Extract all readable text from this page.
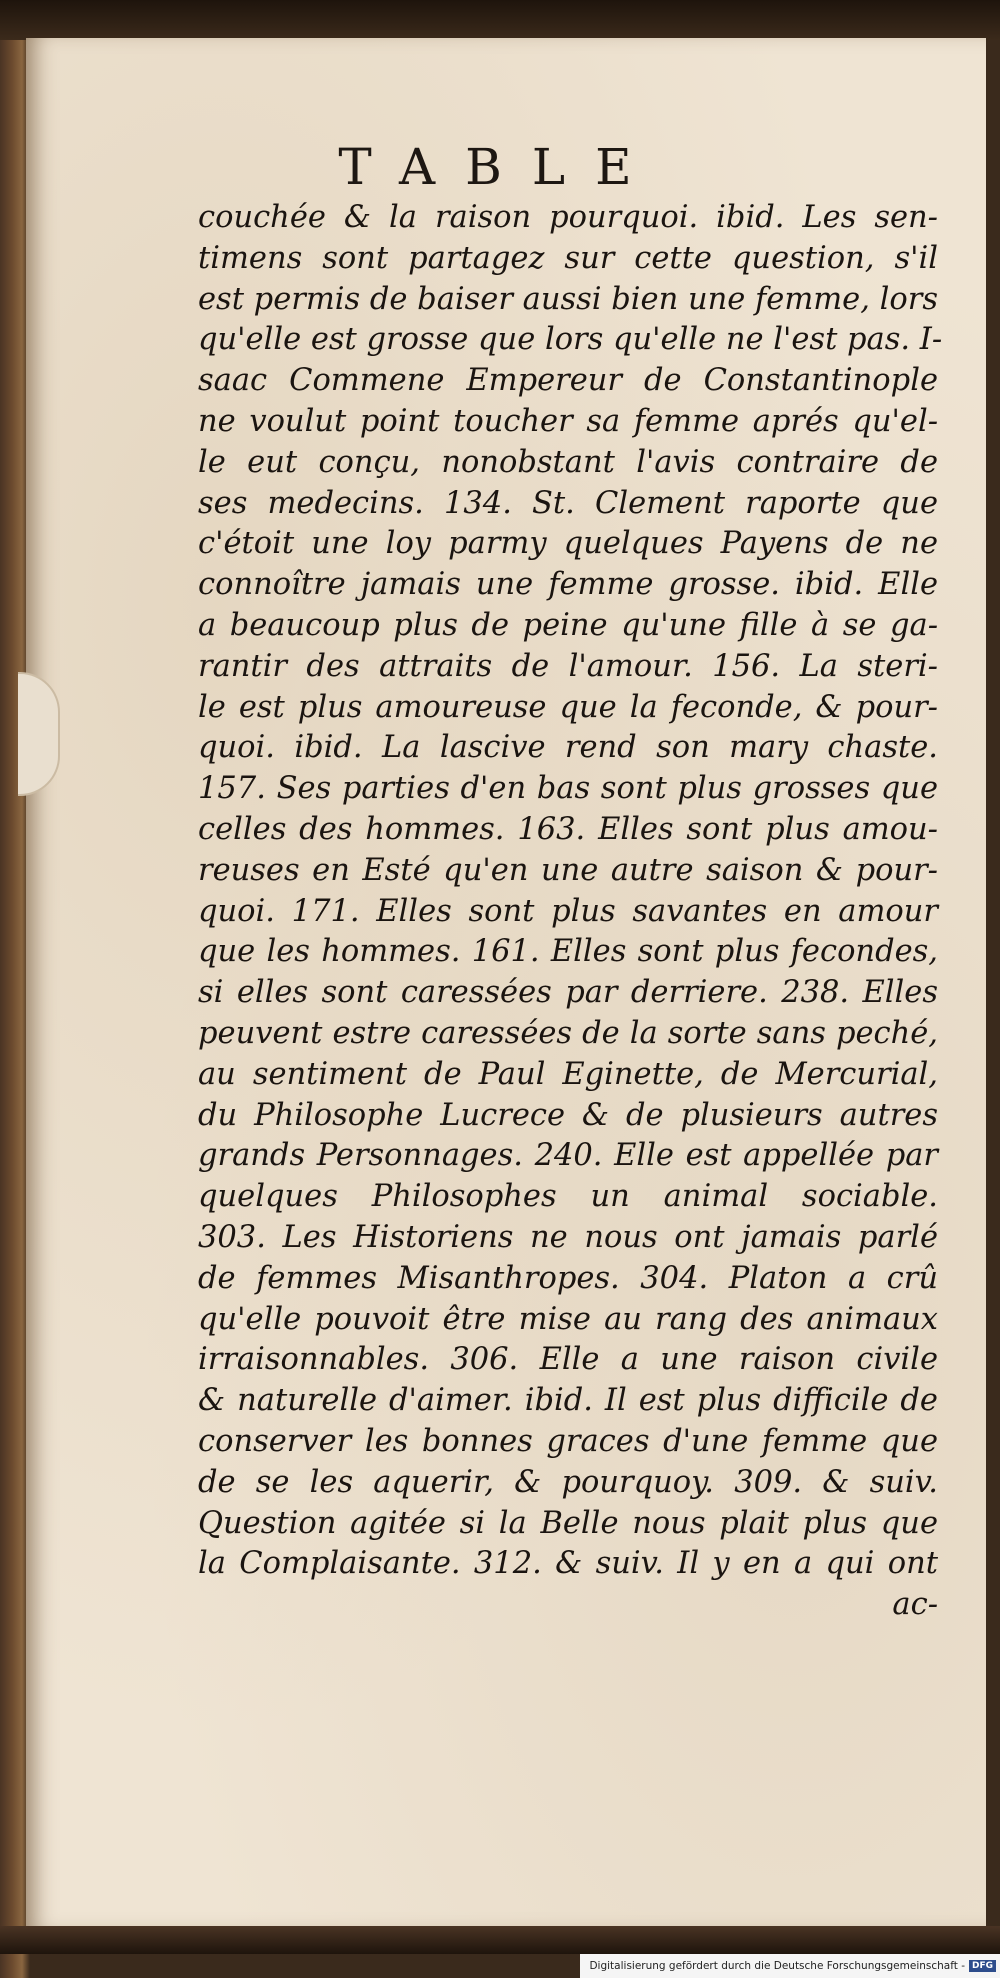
TABLE
couchée & la raison pourquoi. ibid. Les sen-
timens sont partagez sur cette question, s'il
est permis de baiser aussi bien une femme, lors
qu'elle est grosse que lors qu'elle ne l'est pas. I-
saac Commene Empereur de Constantinople
ne voulut point toucher sa femme aprés qu'el-
le eut conçu, nonobstant l'avis contraire de
ses medecins. 134. St. Clement raporte que
c'étoit une loy parmy quelques Payens de ne
connoître jamais une femme grosse. ibid. Elle
a beaucoup plus de peine qu'une fille à se ga-
rantir des attraits de l'amour. 156. La steri-
le est plus amoureuse que la feconde, & pour-
quoi. ibid. La lascive rend son mary chaste.
157. Ses parties d'en bas sont plus grosses que
celles des hommes. 163. Elles sont plus amou-
reuses en Esté qu'en une autre saison & pour-
quoi. 171. Elles sont plus savantes en amour
que les hommes. 161. Elles sont plus fecondes,
si elles sont caressées par derriere. 238. Elles
peuvent estre caressées de la sorte sans peché,
au sentiment de Paul Eginette, de Mercurial,
du Philosophe Lucrece & de plusieurs autres
grands Personnages. 240. Elle est appellée par
quelques Philosophes un animal sociable.
303. Les Historiens ne nous ont jamais parlé
de femmes Misanthropes. 304. Platon a crû
qu'elle pouvoit être mise au rang des animaux
irraisonnables. 306. Elle a une raison civile
& naturelle d'aimer. ibid. Il est plus difficile de
conserver les bonnes graces d'une femme que
de se les aquerir, & pourquoy. 309. & suiv.
Question agitée si la Belle nous plait plus que
la Complaisante. 312. & suiv. Il y en a qui ont
ac-
Digitalisierung gefördert durch die Deutsche Forschungsgemeinschaft - DFG
